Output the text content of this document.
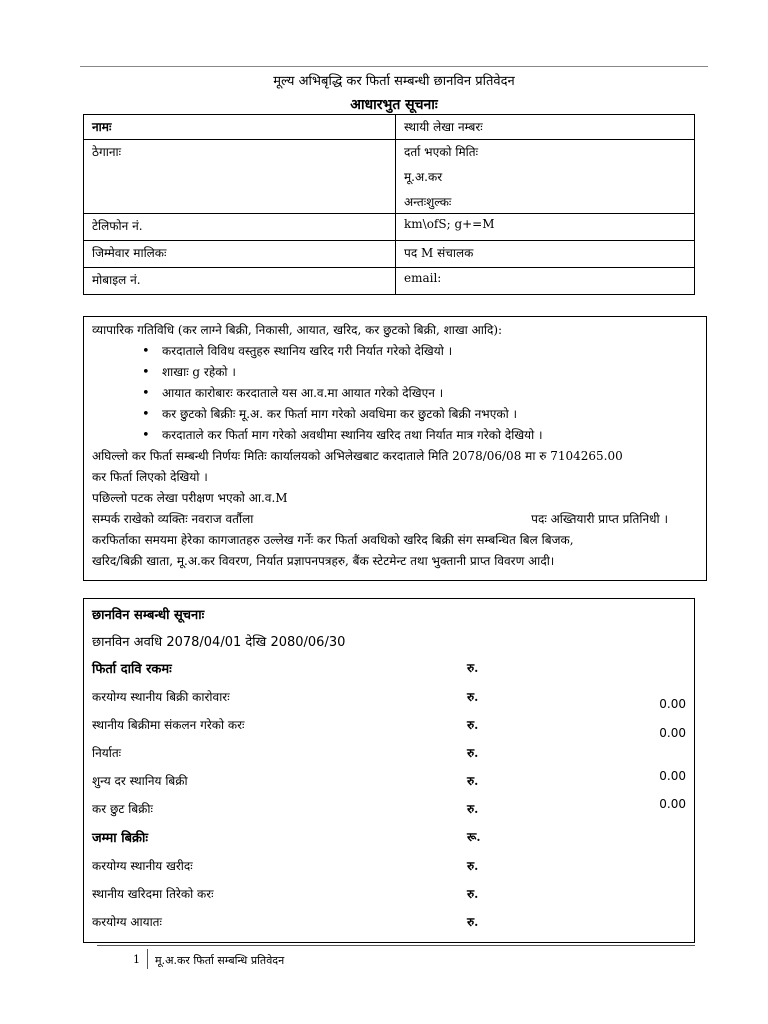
मूल्य अभिबृद्धि कर फिर्ता सम्बन्धी छानविन प्रतिवेदन
आधारभुत सूचनाः
नामः	स्थायी लेखा नम्बरः
ठेगानाः	दर्ता भएको मितिः
मू.अ.कर
अन्तःशुल्कः

टेलिफोन नं.	km\ofS; g+=M
जिम्मेवार मालिकः	पद M संचालक
मोबाइल नं.	email:
व्यापारिक गतिविधि (कर लाग्ने बिक्री, निकासी, आयात, खरिद, कर छुटको बिक्री, शाखा आदि):
• करदाताले विविध वस्तुहरु स्थानिय खरिद गरी निर्यात गरेको देखियो ।
• शाखाः g रहेको ।
• आयात कारोबारः करदाताले यस आ.व.मा आयात गरेको देखिएन ।
• कर छुटको बिक्रीः मू.अ. कर फिर्ता माग गरेको अवधिमा कर छुटको बिक्री नभएको ।
• करदाताले कर फिर्ता माग गरेको अवधीमा स्थानिय खरिद तथा निर्यात मात्र गरेको देखियो ।
अघिल्लो कर फिर्ता सम्बन्धी निर्णयः मितिः कार्यालयको अभिलेखबाट करदाताले मिति 2078/06/08 मा रु 7104265.00
कर फिर्ता लिएको देखियो ।
पछिल्लो पटक लेखा परीक्षण भएको आ.व.M
सम्पर्क राखेको व्यक्तिः नवराज वर्तौला	पदः अख्तियारी प्राप्त प्रतिनिधी ।
करफिर्ताका समयमा हेरेका कागजातहरु उल्लेख गर्नेः कर फिर्ता अवधिको खरिद बिक्री संग सम्बन्धित बिल बिजक,
खरिद/बिक्री खाता, मू.अ.कर विवरण, निर्यात प्रज्ञापनपत्रहरु, बैंक स्टेटमेन्ट तथा भुक्तानी प्राप्त विवरण आदी।
छानविन सम्बन्धी सूचनाः
छानविन अवधि 2078/04/01 देखि 2080/06/30
फिर्ता दावि रकमः	रु.
करयोग्य स्थानीय बिक्री कारोवारः	रु.	0.00
स्थानीय बिक्रीमा संकलन गरेको करः	रु.
0.00
निर्यातः	रु.
शुन्य दर स्थानिय बिक्री	रु.	0.00
कर छुट बिक्रीः	रु.	0.00
जम्मा बिक्रीः	रू.
करयोग्य स्थानीय खरीदः	रु.
स्थानीय खरिदमा तिरेको करः	रु.
करयोग्य आयातः	रु.
1 मू.अ.कर फिर्ता सम्बन्धि प्रतिवेदन
